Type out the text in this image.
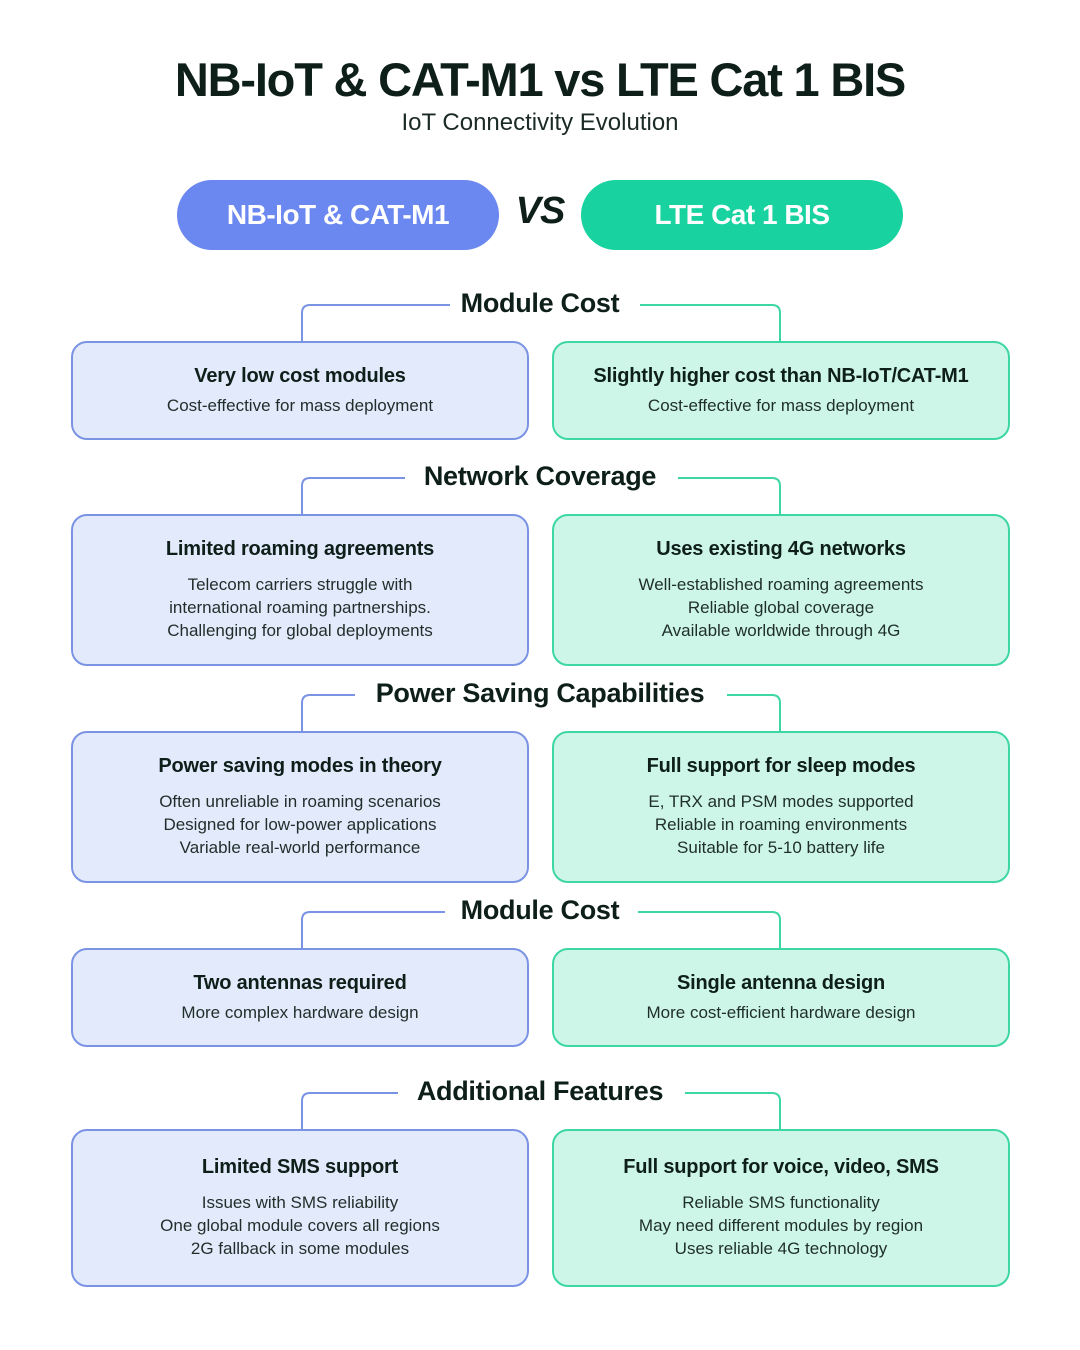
NB-IoT & CAT-M1 vs LTE Cat 1 BIS
IoT Connectivity Evolution
NB-IoT & CAT-M1	VS	LTE Cat 1 BIS
Module Cost
Very low cost modules
Cost-effective for mass deployment
Slightly higher cost than NB-IoT/CAT-M1
Cost-effective for mass deployment
Network Coverage
Limited roaming agreements
Telecom carriers struggle with
international roaming partnerships.
Challenging for global deployments
Uses existing 4G networks
Well-established roaming agreements
Reliable global coverage
Available worldwide through 4G
Power Saving Capabilities
Power saving modes in theory
Often unreliable in roaming scenarios
Designed for low-power applications
Variable real-world performance
Full support for sleep modes
E, TRX and PSM modes supported
Reliable in roaming environments
Suitable for 5-10 battery life
Module Cost
Two antennas required
More complex hardware design
Single antenna design
More cost-efficient hardware design
Additional Features
Limited SMS support
Issues with SMS reliability
One global module covers all regions
2G fallback in some modules
Full support for voice, video, SMS
Reliable SMS functionality
May need different modules by region
Uses reliable 4G technology
